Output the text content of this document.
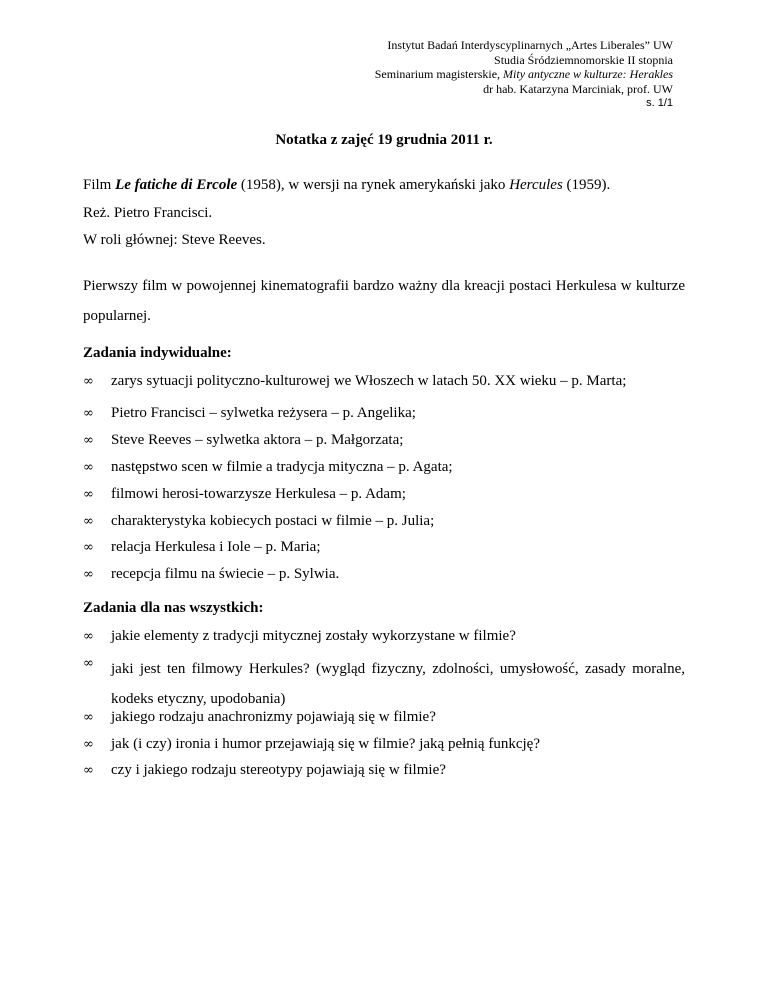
Instytut Badań Interdyscyplinarnych „Artes Liberales” UW
Studia Śródziemnomorskie II stopnia
Seminarium magisterskie, Mity antyczne w kulturze: Herakles
dr hab. Katarzyna Marciniak, prof. UW
s. 1/1
Notatka z zajęć 19 grudnia 2011 r.
Film Le fatiche di Ercole (1958), w wersji na rynek amerykański jako Hercules (1959).
Reż. Pietro Francisci.
W roli głównej: Steve Reeves.
Pierwszy film w powojennej kinematografii bardzo ważny dla kreacji postaci Herkulesa w kulturze popularnej.
Zadania indywidualne:
∞ zarys sytuacji polityczno-kulturowej we Włoszech w latach 50. XX wieku – p. Marta;
∞ Pietro Francisci – sylwetka reżysera – p. Angelika;
∞ Steve Reeves – sylwetka aktora – p. Małgorzata;
∞ następstwo scen w filmie a tradycja mityczna – p. Agata;
∞ filmowi herosi-towarzysze Herkulesa – p. Adam;
∞ charakterystyka kobiecych postaci w filmie – p. Julia;
∞ relacja Herkulesa i Iole – p. Maria;
∞ recepcja filmu na świecie – p. Sylwia.
Zadania dla nas wszystkich:
∞ jakie elementy z tradycji mitycznej zostały wykorzystane w filmie?
∞ jaki jest ten filmowy Herkules? (wygląd fizyczny, zdolności, umysłowość, zasady moralne, kodeks etyczny, upodobania)
∞ jakiego rodzaju anachronizmy pojawiają się w filmie?
∞ jak (i czy) ironia i humor przejawiają się w filmie? jaką pełnią funkcję?
∞ czy i jakiego rodzaju stereotypy pojawiają się w filmie?
